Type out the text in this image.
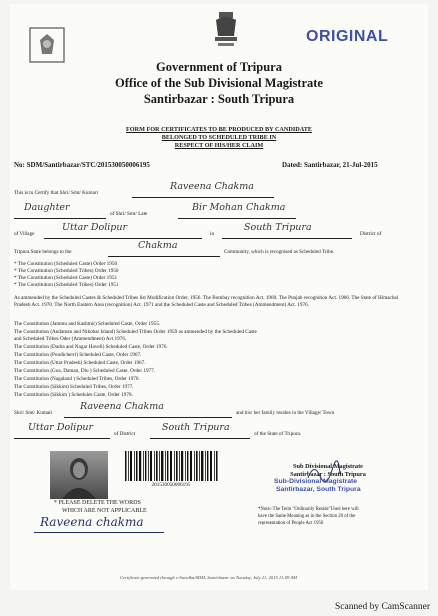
ORIGINAL
Government of Tripura
Office of the Sub Divisional Magistrate
Santirbazar : South Tripura
FORM FOR CERTIFICATES TO BE PRODUCED BY CANDIDATE
BELONGED TO SCHEDULED TRIBE IN
RESPECT OF HIS/HER CLAIM
No: SDM/Santirbazar/STC/201530050006195	Dated: Santirbazar, 21-Jul-2015
This is to Certify that Shri/ Smt/ Kumari
Raveena Chakma
Daughter
of Shri/ Smt/ Late
Bir Mohan Chakma
of Village
Uttar Dolipur
in
South Tripura
District of
Tripura State belongs to the
Chakma
Community, which is recognised as Scheduled Tribe.
* The Constitution (Scheduled Caste) Order 1950
* The Constitution (Scheduled Tribes) Order 1950
* The Constitution (Scheduled Caste) Order 1951
* The Constitution (Scheduled Tribes) Order 1951
As ammended by the Scheduled Castes & Scheduled Tribes list Modification Order, 1956. The Bombay recognition Act. 1960. The Punjab recognition Act. 1966. The State of Himachal Pradesh Act. 1970. The North Eastern Area (recognition) Act. 1971 and the Scheduled Caste and Scheduled Tribes (Ammendment) Act. 1976.
The Constitution (Jammu and Kashmir) Scheduled Caste, Order 1955.
The Constitution (Andaman and Nikobar Island) Scheduled Tribes Order 1959 as ammended by the Scheduled Caste
and Scheduled Tribes Oder (Ammendment) Act 1976.
The Constitution (Dadra and Nagar Haveli) Scheduled Caste, Order 1976.
The Constitution (Pondicherri) Scheduled Caste, Order 1967.
The Constitution (Uttar Pradesh) Scheduled Caste, Order 1967.
The Constitution (Goa, Daman, Diu ) Scheduled Caste, Order 1977.
The Constitution (Nagaland ) Scheduled Tribes, Order 1970.
The Constitution (Sikkim) Scheduled Tribes, Order 1977.
The Constitution (Sikkim ) Schedules Caste, Order 1978.
Shri/ Smt/ Kumari
Raveena Chakma
and his/ her family resides in the Village/ Town
Uttar Dolipur
of District
South Tripura
of the State of Tripura.
201530050006195
Sub Divisional Magistrate
Santirbazar : South Tripura
Sub-Divisional Magistrate
Santirbazar, South Tripura
* PLEASE DELETE THE WORDS
WHICH ARE NOT APPLICABLE
Raveena chakma
*Note:-The Term "Ordinarily Reside"Used here will
have the Same Meaning as in the Section 20 of the
representation of People Act 1950
Certificate generated through e-Suvidha/SDM, Santirbazar on Tuesday, July 21, 2015 11:09 AM
Scanned by CamScanner
